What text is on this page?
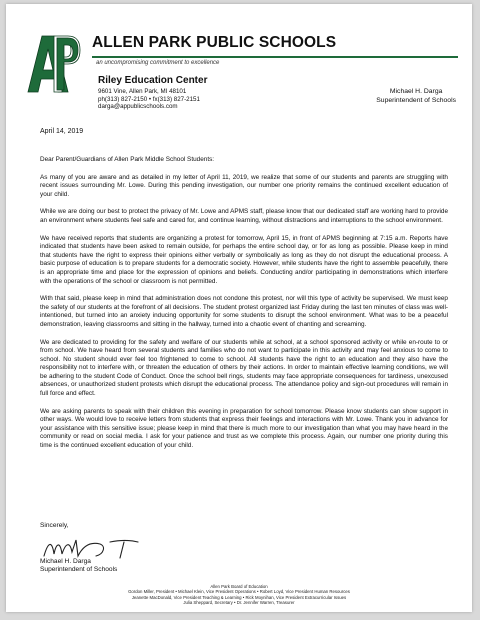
ALLEN PARK PUBLIC SCHOOLS
an uncompromising commitment to excellence
Riley Education Center
9601 Vine, Allen Park, MI 48101
ph(313) 827-2150 • fx(313) 827-2151
darga@appublicschools.com
Michael H. Darga
Superintendent of Schools
April 14, 2019

Dear Parent/Guardians of Allen Park Middle School Students:

As many of you are aware and as detailed in my letter of April 11, 2019, we realize that some of our students and parents are struggling with recent issues surrounding Mr. Lowe. During this pending investigation, our number one priority remains the continued excellent education of your child.

While we are doing our best to protect the privacy of Mr. Lowe and APMS staff, please know that our dedicated staff are working hard to provide an environment where students feel safe and cared for, and continue learning, without distractions and interruptions to the school environment.

We have received reports that students are organizing a protest for tomorrow, April 15, in front of APMS beginning at 7:15 a.m. Reports have indicated that students have been asked to remain outside, for perhaps the entire school day, or for as long as possible. Please keep in mind that students have the right to express their opinions either verbally or symbolically as long as they do not disrupt the educational process. A basic purpose of education is to prepare students for a democratic society. However, while students have the right to assemble peacefully, there is an appropriate time and place for the expression of opinions and beliefs. Conducting and/or participating in demonstrations which interfere with the operations of the school or classroom is not permitted.

With that said, please keep in mind that administration does not condone this protest, nor will this type of activity be supervised. We must keep the safety of our students at the forefront of all decisions. The student protest organized last Friday during the last ten minutes of class was well-intentioned, but turned into an anxiety inducing opportunity for some students to disrupt the school environment. What was to be a peaceful demonstration, leaving classrooms and sitting in the hallway, turned into a chaotic event of chanting and screaming.

We are dedicated to providing for the safety and welfare of our students while at school, at a school sponsored activity or while en-route to or from school. We have heard from several students and families who do not want to participate in this activity and may feel anxious to come to school. No student should ever feel too frightened to come to school. All students have the right to an education and they also have the responsibility not to interfere with, or threaten the education of others by their actions. In order to maintain effective learning conditions, we will be adhering to the student Code of Conduct. Once the school bell rings, students may face appropriate consequences for tardiness, unexcused absences, or unauthorized student protests which disrupt the educational process. The attendance policy and sign-out procedures will remain in full force and effect.

We are asking parents to speak with their children this evening in preparation for school tomorrow. Please know students can show support in other ways. We would love to receive letters from students that express their feelings and interactions with Mr. Lowe. Thank you in advance for your assistance with this sensitive issue; please keep in mind that there is much more to our investigation than what you may have heard in the community or read on social media. I ask for your patience and trust as we complete this process. Again, our number one priority during this time is the continued excellent education of your child.

Sincerely,
Michael H. Darga
Superintendent of Schools
Allen Park Board of Education
Gordon Miller, President • Michael Klein, Vice President Operations • Robert Loyd, Vice President Human Resources
Jeanette MacDonald, Vice President Teaching & Learning • Rick Moynihan, Vice President Extracurricular Issues
Julia Sheppard, Secretary • Dr. Jennifer Warren, Treasurer
